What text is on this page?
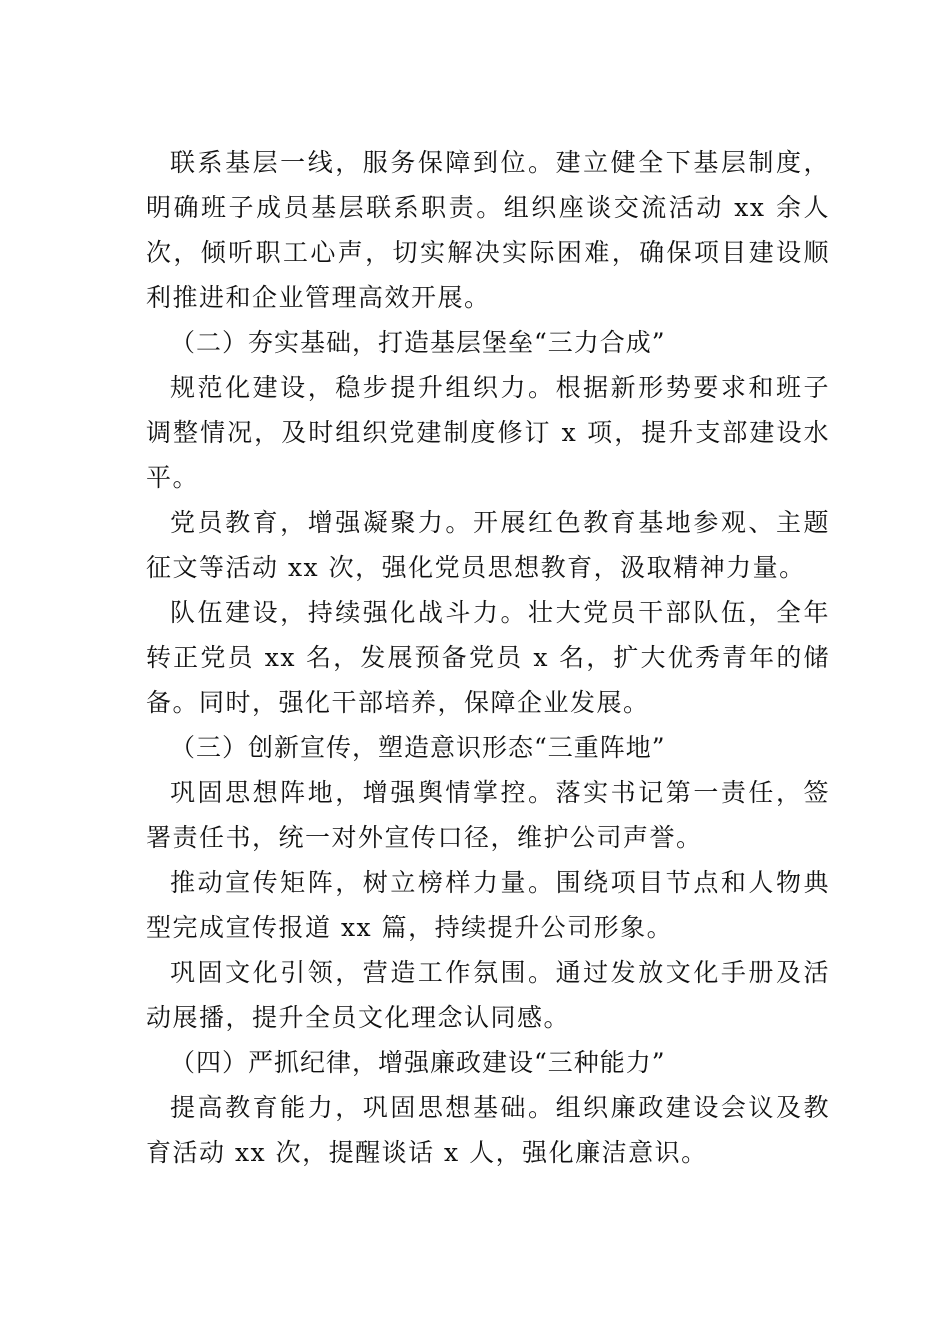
联系基层一线，服务保障到位。建立健全下基层制度，明确班子成员基层联系职责。组织座谈交流活动 xx 余人次，倾听职工心声，切实解决实际困难，确保项目建设顺利推进和企业管理高效开展。

（二）夯实基础，打造基层堡垒“三力合成”

规范化建设，稳步提升组织力。根据新形势要求和班子调整情况，及时组织党建制度修订 x 项，提升支部建设水平。

党员教育，增强凝聚力。开展红色教育基地参观、主题征文等活动 xx 次，强化党员思想教育，汲取精神力量。

队伍建设，持续强化战斗力。壮大党员干部队伍，全年转正党员 xx 名，发展预备党员 x 名，扩大优秀青年的储备。同时，强化干部培养，保障企业发展。

（三）创新宣传，塑造意识形态“三重阵地”

巩固思想阵地，增强舆情掌控。落实书记第一责任，签署责任书，统一对外宣传口径，维护公司声誉。

推动宣传矩阵，树立榜样力量。围绕项目节点和人物典型完成宣传报道 xx 篇，持续提升公司形象。

巩固文化引领，营造工作氛围。通过发放文化手册及活动展播，提升全员文化理念认同感。

（四）严抓纪律，增强廉政建设“三种能力”

提高教育能力，巩固思想基础。组织廉政建设会议及教育活动 xx 次，提醒谈话 x 人，强化廉洁意识。
